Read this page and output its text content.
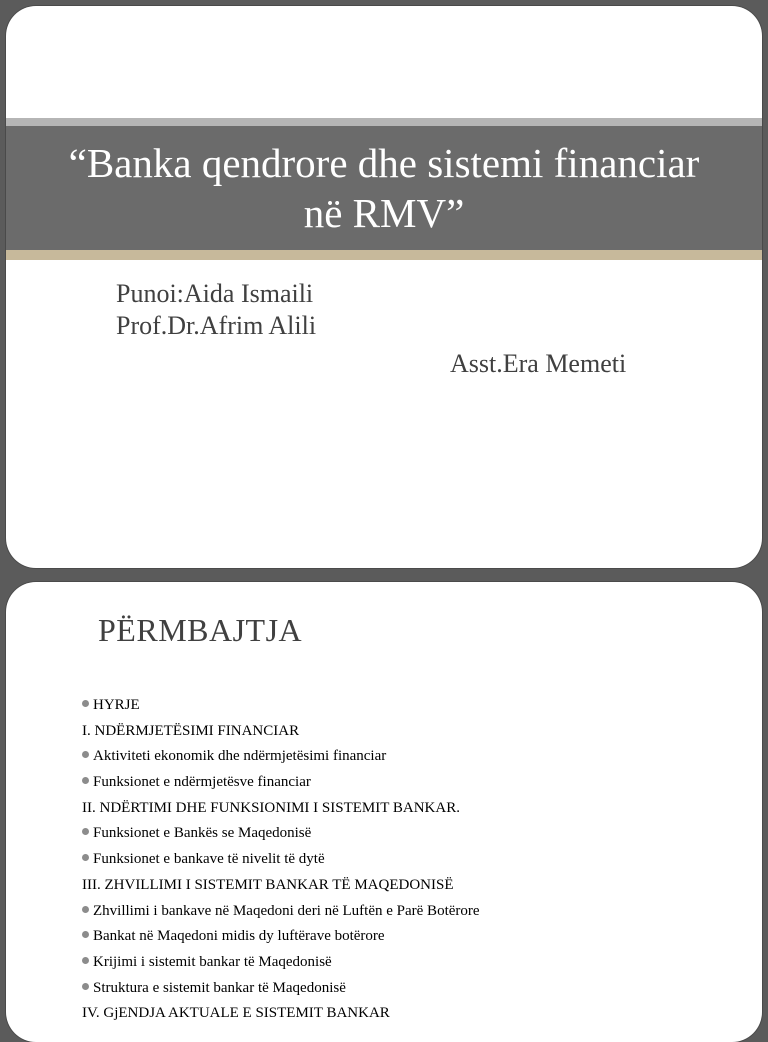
“Banka qendrore dhe sistemi financiar
në RMV”
Punoi:Aida Ismaili
Prof.Dr.Afrim Alili
Asst.Era Memeti
PËRMBAJTJA
HYRJE
I. NDËRMJETËSIMI FINANCIAR
Aktiviteti ekonomik dhe ndërmjetësimi financiar
Funksionet e ndërmjetësve financiar
II. NDËRTIMI DHE FUNKSIONIMI I SISTEMIT BANKAR.
Funksionet e Bankës se Maqedonisë
Funksionet e bankave të nivelit të dytë
III. ZHVILLIMI I SISTEMIT BANKAR TË MAQEDONISË
Zhvillimi i bankave në Maqedoni deri në Luftën e Parë Botërore
Bankat në Maqedoni midis dy luftërave botërore
Krijimi i sistemit bankar të Maqedonisë
Struktura e sistemit bankar të Maqedonisë
IV. GjENDJA AKTUALE E SISTEMIT BANKAR
